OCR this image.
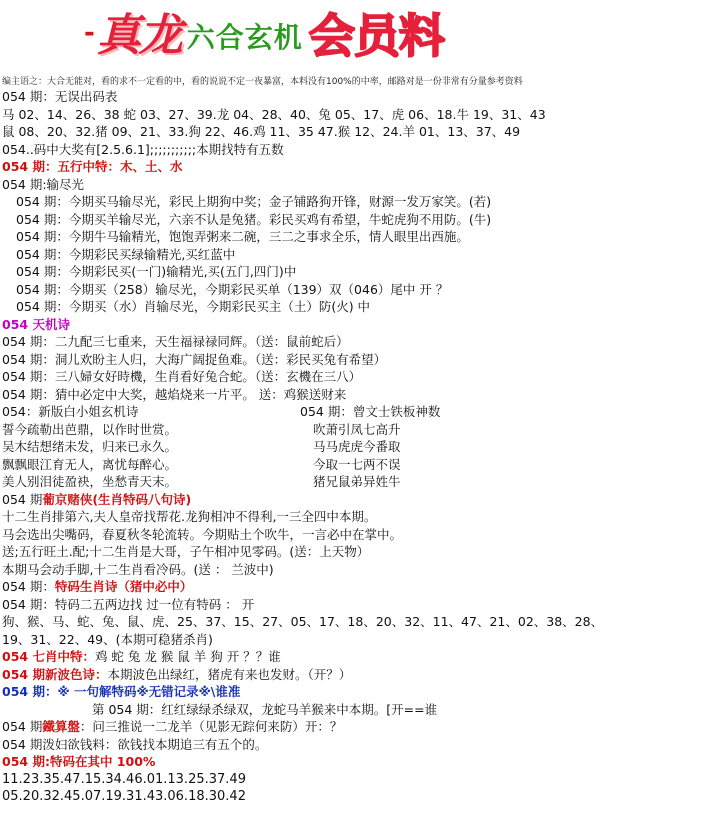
- 真龙 六合玄机 会员料
编主语之：大合无能对，看的求不一定看的中，看的说说不定一夜暴富，本料没有100%的中率，邮路对是一份非常有分量参考资料
054 期：无误出码表
马 02、14、26、38 蛇 03、27、39.龙 04、28、40、兔 05、17、虎 06、18.牛 19、31、43
鼠 08、20、32.猪 09、21、33.狗 22、46.鸡 11、35 47.猴 12、24.羊 01、13、37、49
054..码中大奖有[2.5.6.1];;;;;;;;;;;本期找特有五数
054 期：五行中特：木、土、水
054 期:输尽光
054 期：今期买马输尽光，彩民上期狗中奖；金子铺路狗开锋，财源一发万家笑。(若)
054 期：今期买羊输尽光，六亲不认是兔猪。彩民买鸡有希望，牛蛇虎狗不用防。(牛)
054 期：今期牛马输精光，饱饱弄粥来二碗，三二之事求全乐，情人眼里出西施。
054 期：今期彩民买绿输精光,买红蓝中
054 期：今期彩民买(一门)输精光,买(五门,四门)中
054 期：今期买（258）输尽光，今期彩民买单（139）双（046）尾中 开 ？
054 期：今期买（水）肖输尽光，今期彩民买主（土）防(火) 中
054 天机诗
054 期：二九配三七重来，天生福禄禄同辉。（送：鼠前蛇后）
054 期：洞儿欢盼主人归，大海广阔捉鱼难。（送：彩民买兔有希望）
054 期：三八婦女好時機，生肖看好兔合蛇。（送：玄機在三八）
054 期：猜中必定中大奖，越焰烧来一片平。 送：鸡猴送财来
054：新版白小姐玄机诗	054 期：曾文士铁板神数
誓今疏勒出芭鼎，以作时世赏。	吹萧引凤七高升
吴木结想绪未发，归来已永久。	马马虎虎今番取
飘飘眼江育无人，离忧每醉心。	今取一七两不误
美人别泪徒盈袂，坐愁青天末。	猪兄鼠弟异姓牛
054 期葡京赌侠(生肖特码八句诗)
十二生肖排第六,夫人皇帝找帮花.龙狗相冲不得利,一三全四中本期。
马会选出尖嘴码，春夏秋冬轮流转。今期贴土个吹牛，一言必中在掌中。
送;五行旺土.配;十二生肖是大哥，子午相冲见零码。(送：上天物）
本期马会动手脚,十二生肖看冷码。(送 ： 兰波中)
054 期：特码生肖诗（猪中必中）
054 期：特码二五两边找 过一位有特码 ： 开
狗、猴、马、蛇、兔、鼠、虎、25、37、15、27、05、17、18、20、32、11、47、21、02、38、28、
19、31、22、49、(本期可稳猪杀肖)
054 七肖中特：鸡 蛇 兔 龙 猴 鼠 羊 狗 开 ？？谁
054 期新波色诗：本期波色出绿红，猪虎有来也发财。（开？）
054 期：※ 一句解特码※无错记录※\谁准
第 054 期：红红绿绿杀绿双，龙蛇马羊猴来中本期。[开==谁
054 期鐵算盤：问三推说一二龙羊（见影无踪何来防）开：？
054 期泼妇欲钱料：欲钱找本期追三有五个的。
054 期:特码在其中 100%
11.23.35.47.15.34.46.01.13.25.37.49
05.20.32.45.07.19.31.43.06.18.30.42
